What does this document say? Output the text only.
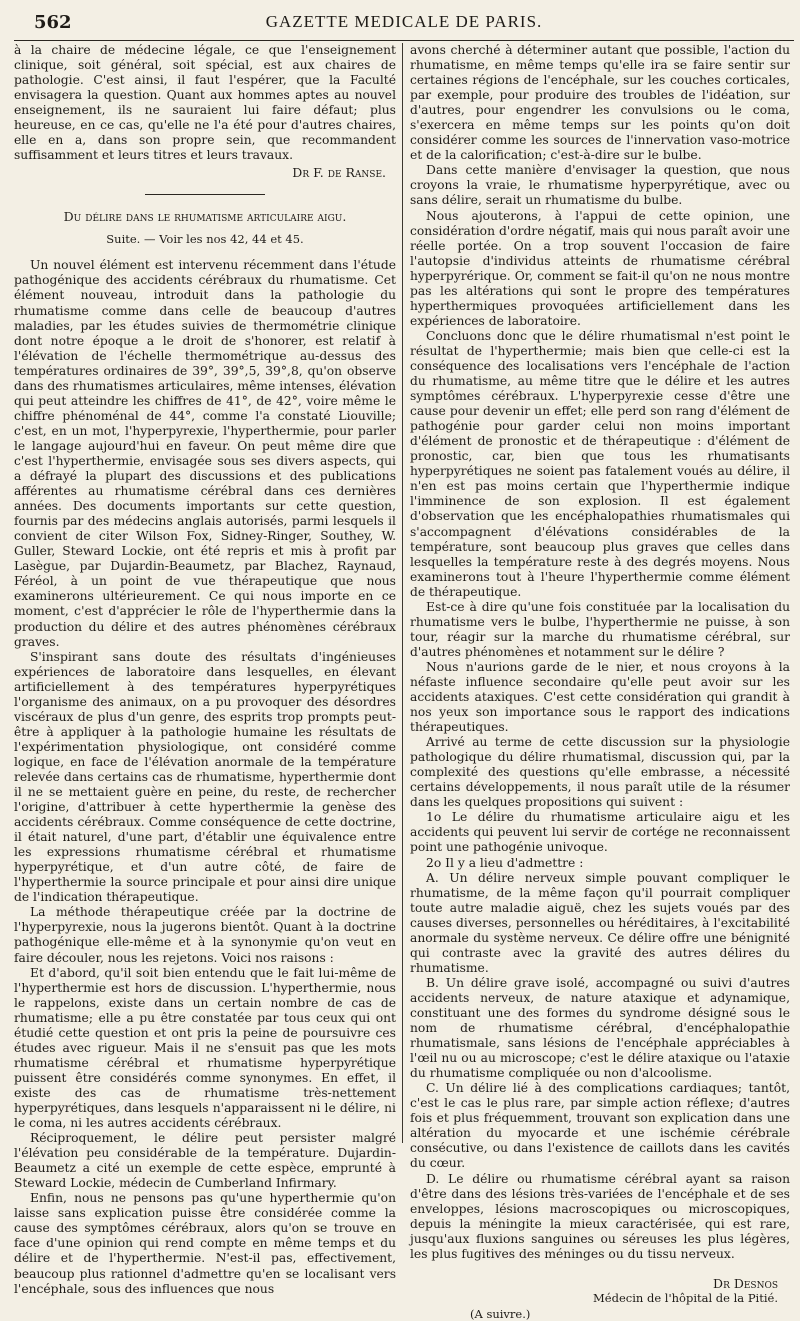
562	GAZETTE MEDICALE DE PARIS.

à la chaire de médecine légale, ce que l'enseignement clinique, soit général, soit spécial, est aux chaires de pathologie. C'est ainsi, il faut l'espérer, que la Faculté envisagera la question. Quant aux hommes aptes au nouvel enseignement, ils ne sauraient lui faire défaut; plus heureuse, en ce cas, qu'elle ne l'a été pour d'autres chaires, elle en a, dans son propre sein, que recommandent suffisamment et leurs titres et leurs travaux.

Dr F. de Ranse.
Du délire dans le rhumatisme articulaire aigu.
Suite. — Voir les nos 42, 44 et 45.

Un nouvel élément est intervenu récemment dans l'étude pathogénique des accidents cérébraux du rhumatisme. Cet élément nouveau, introduit dans la pathologie du rhumatisme comme dans celle de beaucoup d'autres maladies, par les études suivies de thermométrie clinique dont notre époque a le droit de s'honorer, est relatif à l'élévation de l'échelle thermométrique au-dessus des températures ordinaires de 39°, 39°,5, 39°,8, qu'on observe dans des rhumatismes articulaires, même intenses, élévation qui peut atteindre les chiffres de 41°, de 42°, voire même le chiffre phénoménal de 44°, comme l'a constaté Liouville; c'est, en un mot, l'hyperpyrexie, l'hyperthermie, pour parler le langage aujourd'hui en faveur. On peut même dire que c'est l'hyperthermie, envisagée sous ses divers aspects, qui a défrayé la plupart des discussions et des publications afférentes au rhumatisme cérébral dans ces dernières années. Des documents importants sur cette question, fournis par des médecins anglais autorisés, parmi lesquels il convient de citer Wilson Fox, Sidney-Ringer, Southey, W. Guller, Steward Lockie, ont été repris et mis à profit par Lasègue, par Dujardin-Beaumetz, par Blachez, Raynaud, Féréol, à un point de vue thérapeutique que nous examinerons ultérieurement. Ce qui nous importe en ce moment, c'est d'apprécier le rôle de l'hyperthermie dans la production du délire et des autres phénomènes cérébraux graves.

S'inspirant sans doute des résultats d'ingénieuses expériences de laboratoire dans lesquelles, en élevant artificiellement à des températures hyperpyrétiques l'organisme des animaux, on a pu provoquer des désordres viscéraux de plus d'un genre, des esprits trop prompts peut-être à appliquer à la pathologie humaine les résultats de l'expérimentation physiologique, ont considéré comme logique, en face de l'élévation anormale de la température relevée dans certains cas de rhumatisme, hyperthermie dont il ne se mettaient guère en peine, du reste, de rechercher l'origine, d'attribuer à cette hyperthermie la genèse des accidents cérébraux. Comme conséquence de cette doctrine, il était naturel, d'une part, d'établir une équivalence entre les expressions rhumatisme cérébral et rhumatisme hyperpyrétique, et d'un autre côté, de faire de l'hyperthermie la source principale et pour ainsi dire unique de l'indication thérapeutique.

La méthode thérapeutique créée par la doctrine de l'hyperpyrexie, nous la jugerons bientôt. Quant à la doctrine pathogénique elle-même et à la synonymie qu'on veut en faire découler, nous les rejetons. Voici nos raisons :

Et d'abord, qu'il soit bien entendu que le fait lui-même de l'hyperthermie est hors de discussion. L'hyperthermie, nous le rappelons, existe dans un certain nombre de cas de rhumatisme; elle a pu être constatée par tous ceux qui ont étudié cette question et ont pris la peine de poursuivre ces études avec rigueur. Mais il ne s'ensuit pas que les mots rhumatisme cérébral et rhumatisme hyperpyrétique puissent être considérés comme synonymes. En effet, il existe des cas de rhumatisme très-nettement hyperpyrétiques, dans lesquels n'apparaissent ni le délire, ni le coma, ni les autres accidents cérébraux.

Réciproquement, le délire peut persister malgré l'élévation peu considérable de la température. Dujardin-Beaumetz a cité un exemple de cette espèce, emprunté à Steward Lockie, médecin de Cumberland Infirmary.

Enfin, nous ne pensons pas qu'une hyperthermie qu'on laisse sans explication puisse être considérée comme la cause des symptômes cérébraux, alors qu'on se trouve en face d'une opinion qui rend compte en même temps et du délire et de l'hyperthermie. N'est-il pas, effectivement, beaucoup plus rationnel d'admettre qu'en se localisant vers l'encéphale, sous des influences que nous

avons cherché à déterminer autant que possible, l'action du rhumatisme, en même temps qu'elle ira se faire sentir sur certaines régions de l'encéphale, sur les couches corticales, par exemple, pour produire des troubles de l'idéation, sur d'autres, pour engendrer les convulsions ou le coma, s'exercera en même temps sur les points qu'on doit considérer comme les sources de l'innervation vaso-motrice et de la calorification; c'est-à-dire sur le bulbe.

Dans cette manière d'envisager la question, que nous croyons la vraie, le rhumatisme hyperpyrétique, avec ou sans délire, serait un rhumatisme du bulbe.

Nous ajouterons, à l'appui de cette opinion, une considération d'ordre négatif, mais qui nous paraît avoir une réelle portée. On a trop souvent l'occasion de faire l'autopsie d'individus atteints de rhumatisme cérébral hyperpyrérique. Or, comment se fait-il qu'on ne nous montre pas les altérations qui sont le propre des températures hyperthermiques provoquées artificiellement dans les expériences de laboratoire.

Concluons donc que le délire rhumatismal n'est point le résultat de l'hyperthermie; mais bien que celle-ci est la conséquence des localisations vers l'encéphale de l'action du rhumatisme, au même titre que le délire et les autres symptômes cérébraux. L'hyperpyrexie cesse d'être une cause pour devenir un effet; elle perd son rang d'élément de pathogénie pour garder celui non moins important d'élément de pronostic et de thérapeutique : d'élément de pronostic, car, bien que tous les rhumatisants hyperpyrétiques ne soient pas fatalement voués au délire, il n'en est pas moins certain que l'hyperthermie indique l'imminence de son explosion. Il est également d'observation que les encéphalopathies rhumatismales qui s'accompagnent d'élévations considérables de la température, sont beaucoup plus graves que celles dans lesquelles la température reste à des degrés moyens. Nous examinerons tout à l'heure l'hyperthermie comme élément de thérapeutique.

Est-ce à dire qu'une fois constituée par la localisation du rhumatisme vers le bulbe, l'hyperthermie ne puisse, à son tour, réagir sur la marche du rhumatisme cérébral, sur d'autres phénomènes et notamment sur le délire ?

Nous n'aurions garde de le nier, et nous croyons à la néfaste influence secondaire qu'elle peut avoir sur les accidents ataxiques. C'est cette considération qui grandit à nos yeux son importance sous le rapport des indications thérapeutiques.

Arrivé au terme de cette discussion sur la physiologie pathologique du délire rhumatismal, discussion qui, par la complexité des questions qu'elle embrasse, a nécessité certains développements, il nous paraît utile de la résumer dans les quelques propositions qui suivent :

1o Le délire du rhumatisme articulaire aigu et les accidents qui peuvent lui servir de cortége ne reconnaissent point une pathogénie univoque.

2o Il y a lieu d'admettre :

A. Un délire nerveux simple pouvant compliquer le rhumatisme, de la même façon qu'il pourrait compliquer toute autre maladie aiguë, chez les sujets voués par des causes diverses, personnelles ou héréditaires, à l'excitabilité anormale du système nerveux. Ce délire offre une bénignité qui contraste avec la gravité des autres délires du rhumatisme.

B. Un délire grave isolé, accompagné ou suivi d'autres accidents nerveux, de nature ataxique et adynamique, constituant une des formes du syndrome désigné sous le nom de rhumatisme cérébral, d'encéphalopathie rhumatismale, sans lésions de l'encéphale appréciables à l'œil nu ou au microscope; c'est le délire ataxique ou l'ataxie du rhumatisme compliquée ou non d'alcoolisme.

C. Un délire lié à des complications cardiaques; tantôt, c'est le cas le plus rare, par simple action réflexe; d'autres fois et plus fréquemment, trouvant son explication dans une altération du myocarde et une ischémie cérébrale consécutive, ou dans l'existence de caillots dans les cavités du cœur.

D. Le délire ou rhumatisme cérébral ayant sa raison d'être dans des lésions très-variées de l'encéphale et de ses enveloppes, lésions macroscopiques ou microscopiques, depuis la méningite la mieux caractérisée, qui est rare, jusqu'aux fluxions sanguines ou séreuses les plus légères, les plus fugitives des méninges ou du tissu nerveux.

Dr Desnos
Médecin de l'hôpital de la Pitié.
(A suivre.)
